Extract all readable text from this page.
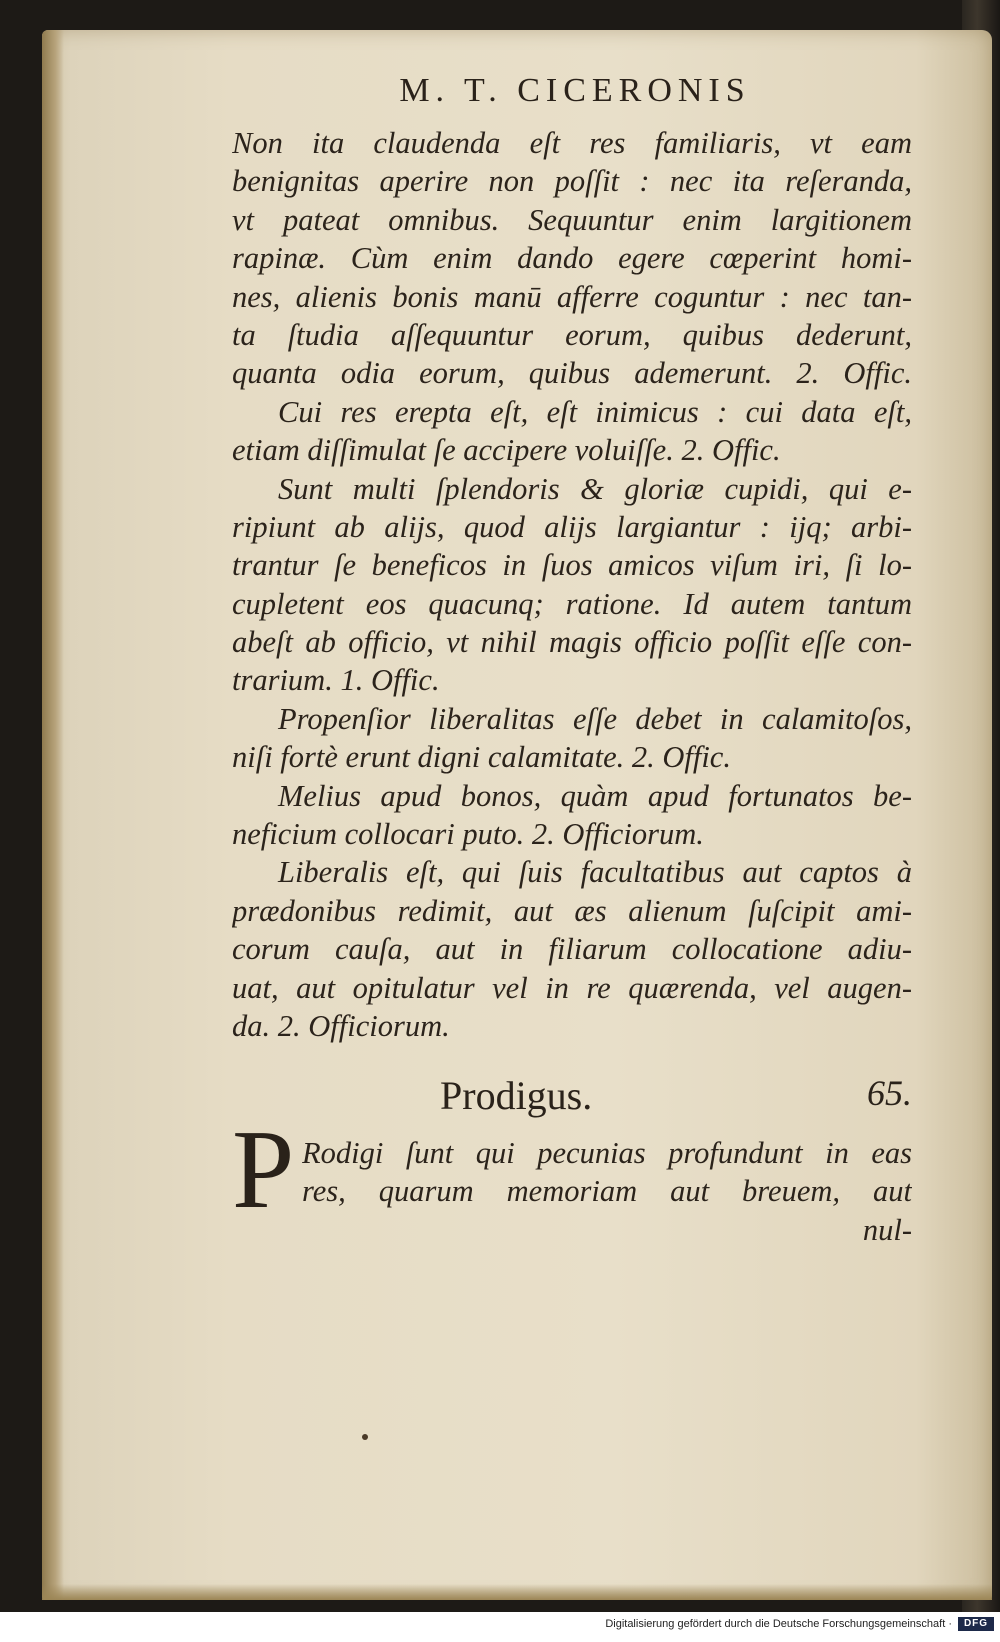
M. T. CICERONIS
Non ita claudenda eſt res familiaris, vt eam
benignitas aperire non poſſit : nec ita reſeranda,
vt pateat omnibus. Sequuntur enim largitionem
rapinæ. Cùm enim dando egere cœperint homi-
nes, alienis bonis manū afferre coguntur : nec tan-
ta ſtudia aſſequuntur eorum, quibus dederunt,
quanta odia eorum, quibus ademerunt. 2. Offic.
Cui res erepta eſt, eſt inimicus : cui data eſt,
etiam diſſimulat ſe accipere voluiſſe. 2. Offic.
Sunt multi ſplendoris & gloriæ cupidi, qui e-
ripiunt ab alijs, quod alijs largiantur : ijq; arbi-
trantur ſe beneficos in ſuos amicos viſum iri, ſi lo-
cupletent eos quacunq; ratione. Id autem tantum
abeſt ab officio, vt nihil magis officio poſſit eſſe con-
trarium. 1. Offic.
Propenſior liberalitas eſſe debet in calamitoſos,
niſi fortè erunt digni calamitate. 2. Offic.
Melius apud bonos, quàm apud fortunatos be-
neficium collocari puto. 2. Officiorum.
Liberalis eſt, qui ſuis facultatibus aut captos à
prædonibus redimit, aut æs alienum ſuſcipit ami-
corum cauſa, aut in filiarum collocatione adiu-
uat, aut opitulatur vel in re quærenda, vel augen-
da. 2. Officiorum.
Prodigus.	65.
P Rodigi ſunt qui pecunias profundunt in eas
res, quarum memoriam aut breuem, aut
nul-
Digitalisierung gefördert durch die Deutsche Forschungsgemeinschaft ·	DFG
